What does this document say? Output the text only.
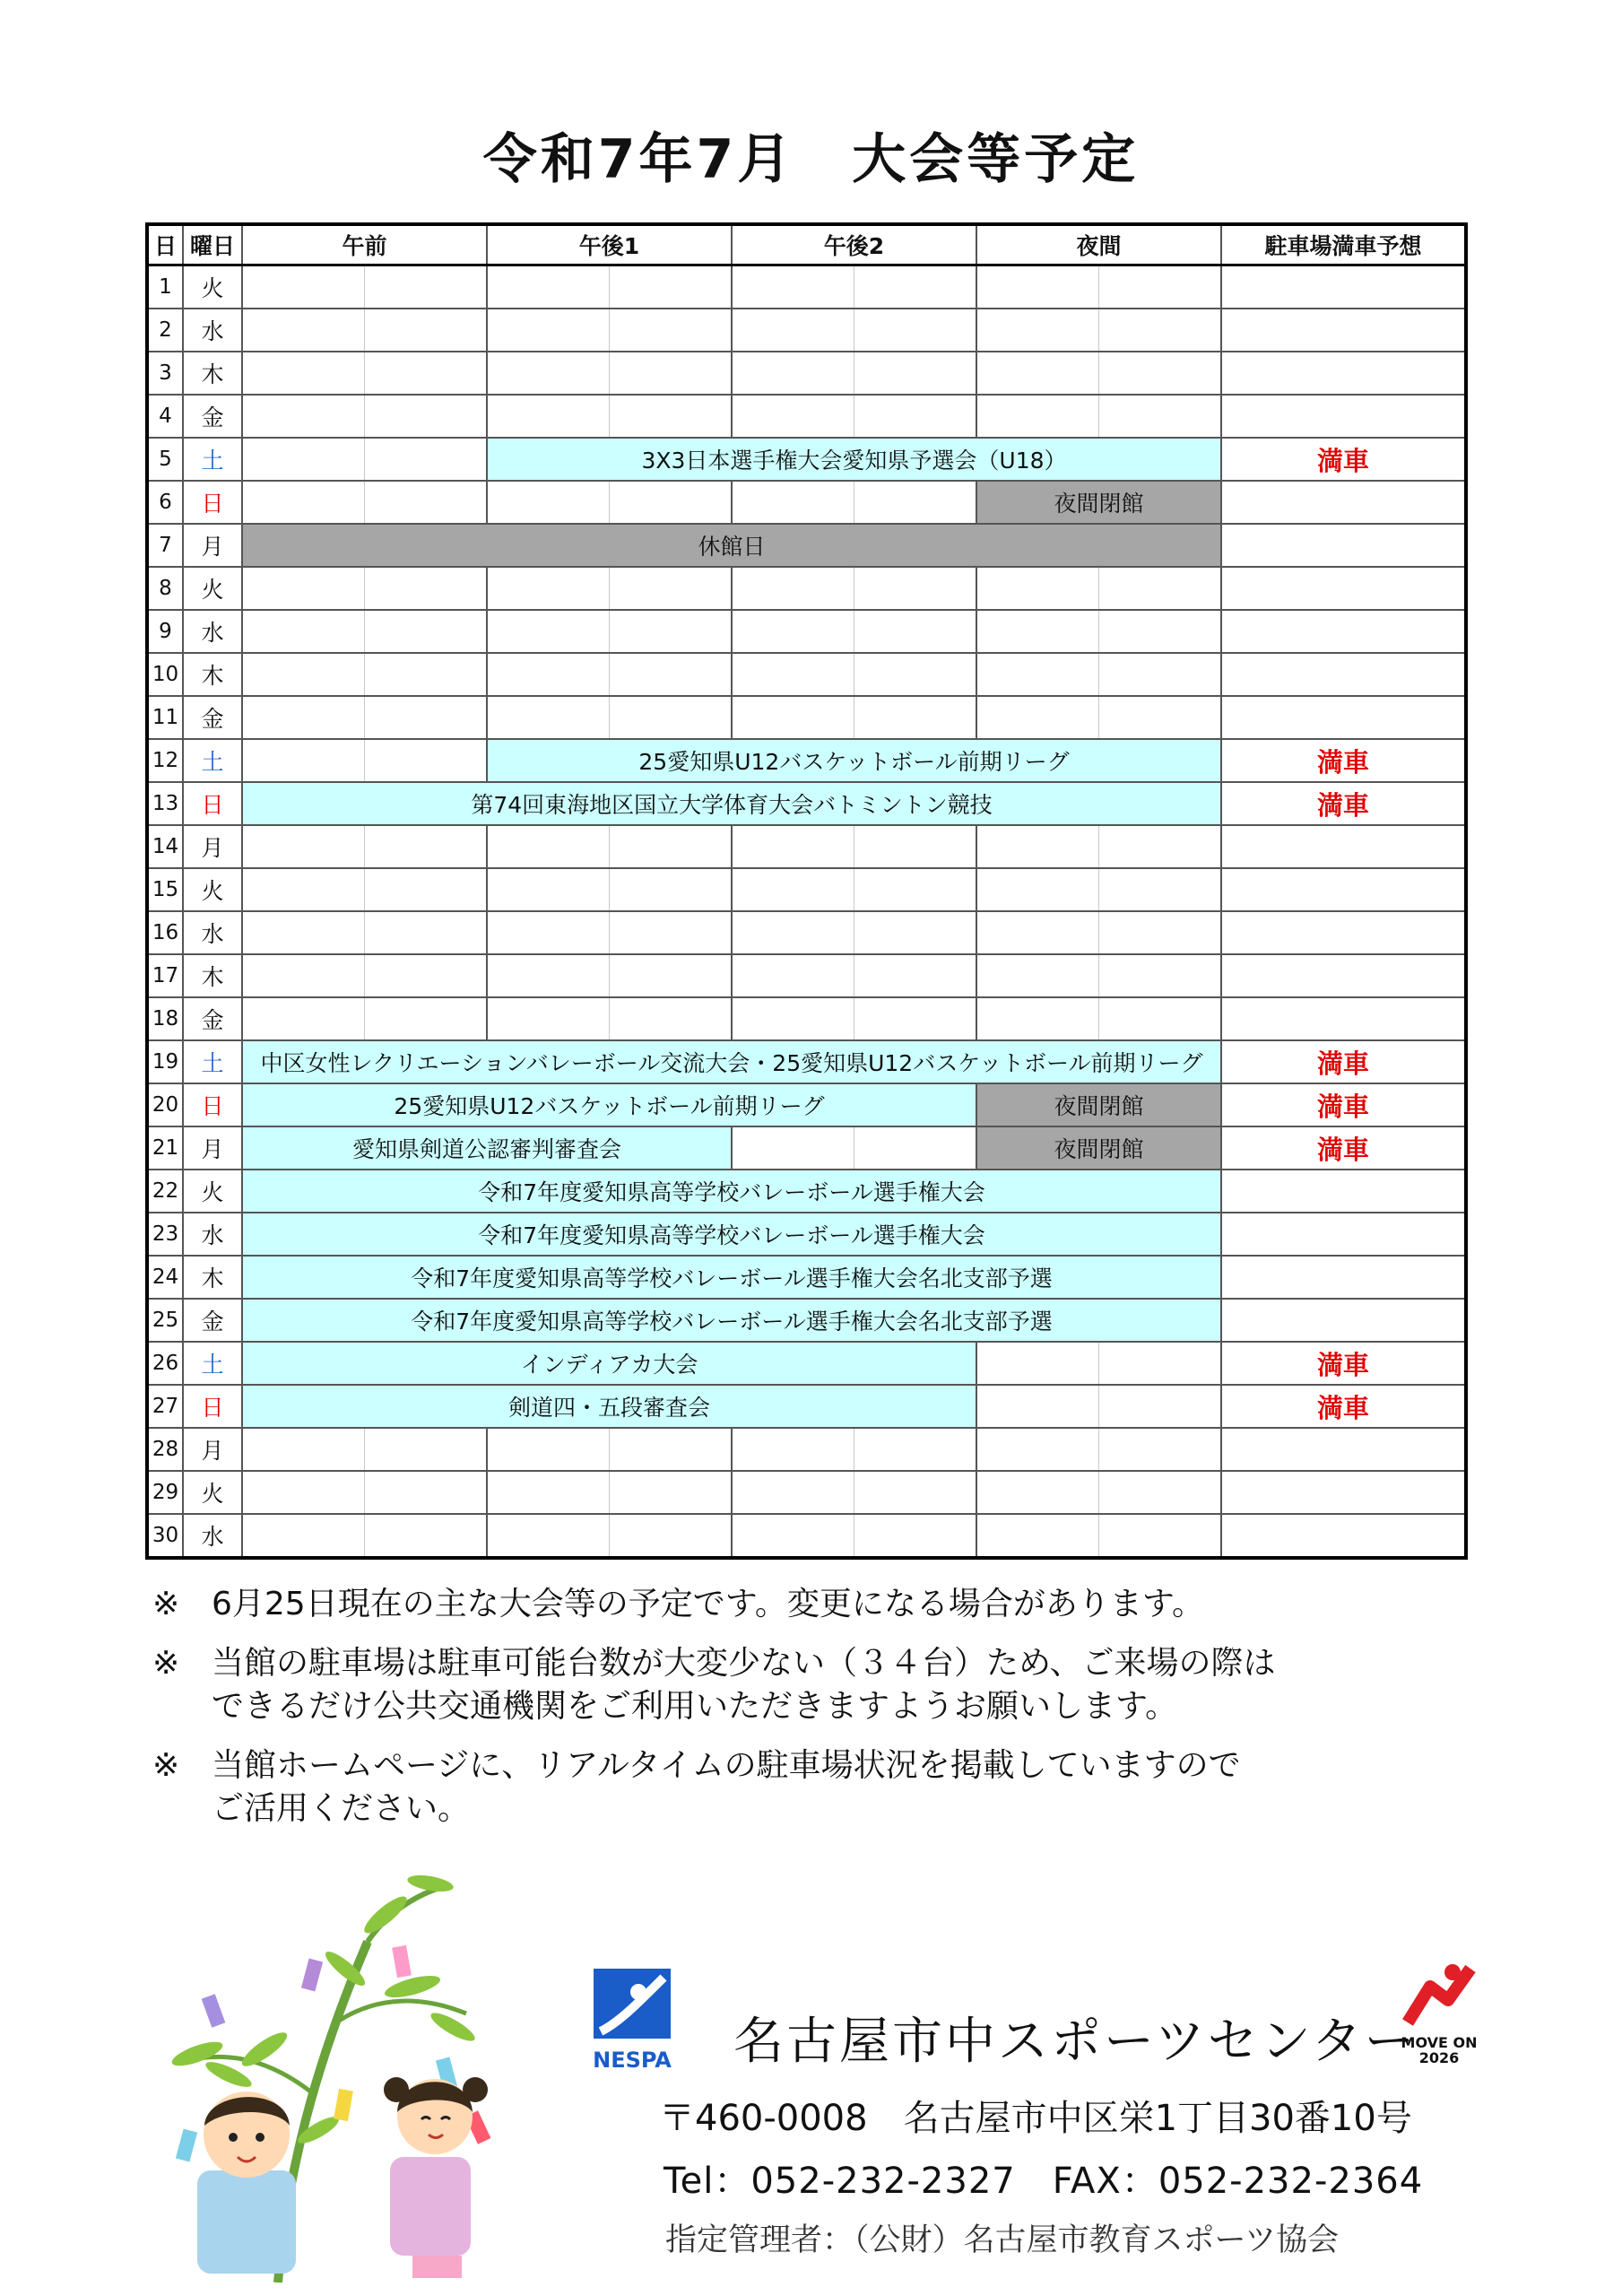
令和7年7月　大会等予定
日	曜日	午前		午後1		午後2		夜間		駐車場満車予想
1	火									
2	水									
3	木									
4	金									
5	土			3X3日本選手権大会愛知県予選会（U18）						満車
6	日							夜間閉館		
7	月	休館日								
8	火									
9	水									
10	木									
11	金									
12	土			25愛知県U12バスケットボール前期リーグ						満車
13	日	第74回東海地区国立大学体育大会バトミントン競技								満車
14	月									
15	火									
16	水									
17	木									
18	金									
19	土	中区女性レクリエーションバレーボール交流大会・25愛知県U12バスケットボール前期リーグ								満車
20	日	25愛知県U12バスケットボール前期リーグ						夜間閉館		満車
21	月	愛知県剣道公認審判審査会						夜間閉館		満車
22	火	令和7年度愛知県高等学校バレーボール選手権大会								
23	水	令和7年度愛知県高等学校バレーボール選手権大会								
24	木	令和7年度愛知県高等学校バレーボール選手権大会名北支部予選								
25	金	令和7年度愛知県高等学校バレーボール選手権大会名北支部予選								
26	土	インディアカ大会								満車
27	日	剣道四・五段審査会								満車
28	月									
29	火									
30	水									
※ 6月25日現在の主な大会等の予定です。変更になる場合があります。
※ 当館の駐車場は駐車可能台数が大変少ない（３４台）ため、ご来場の際は
できるだけ公共交通機関をご利用いただきますようお願いします。
※ 当館ホームページに、リアルタイムの駐車場状況を掲載していますので
ご活用ください。
NESPA 名古屋市中スポーツセンター
MOVE ON
2026
〒460-0008　名古屋市中区栄1丁目30番10号
Tel：052-232-2327　FAX：052-232-2364
指定管理者：（公財）名古屋市教育スポーツ協会
